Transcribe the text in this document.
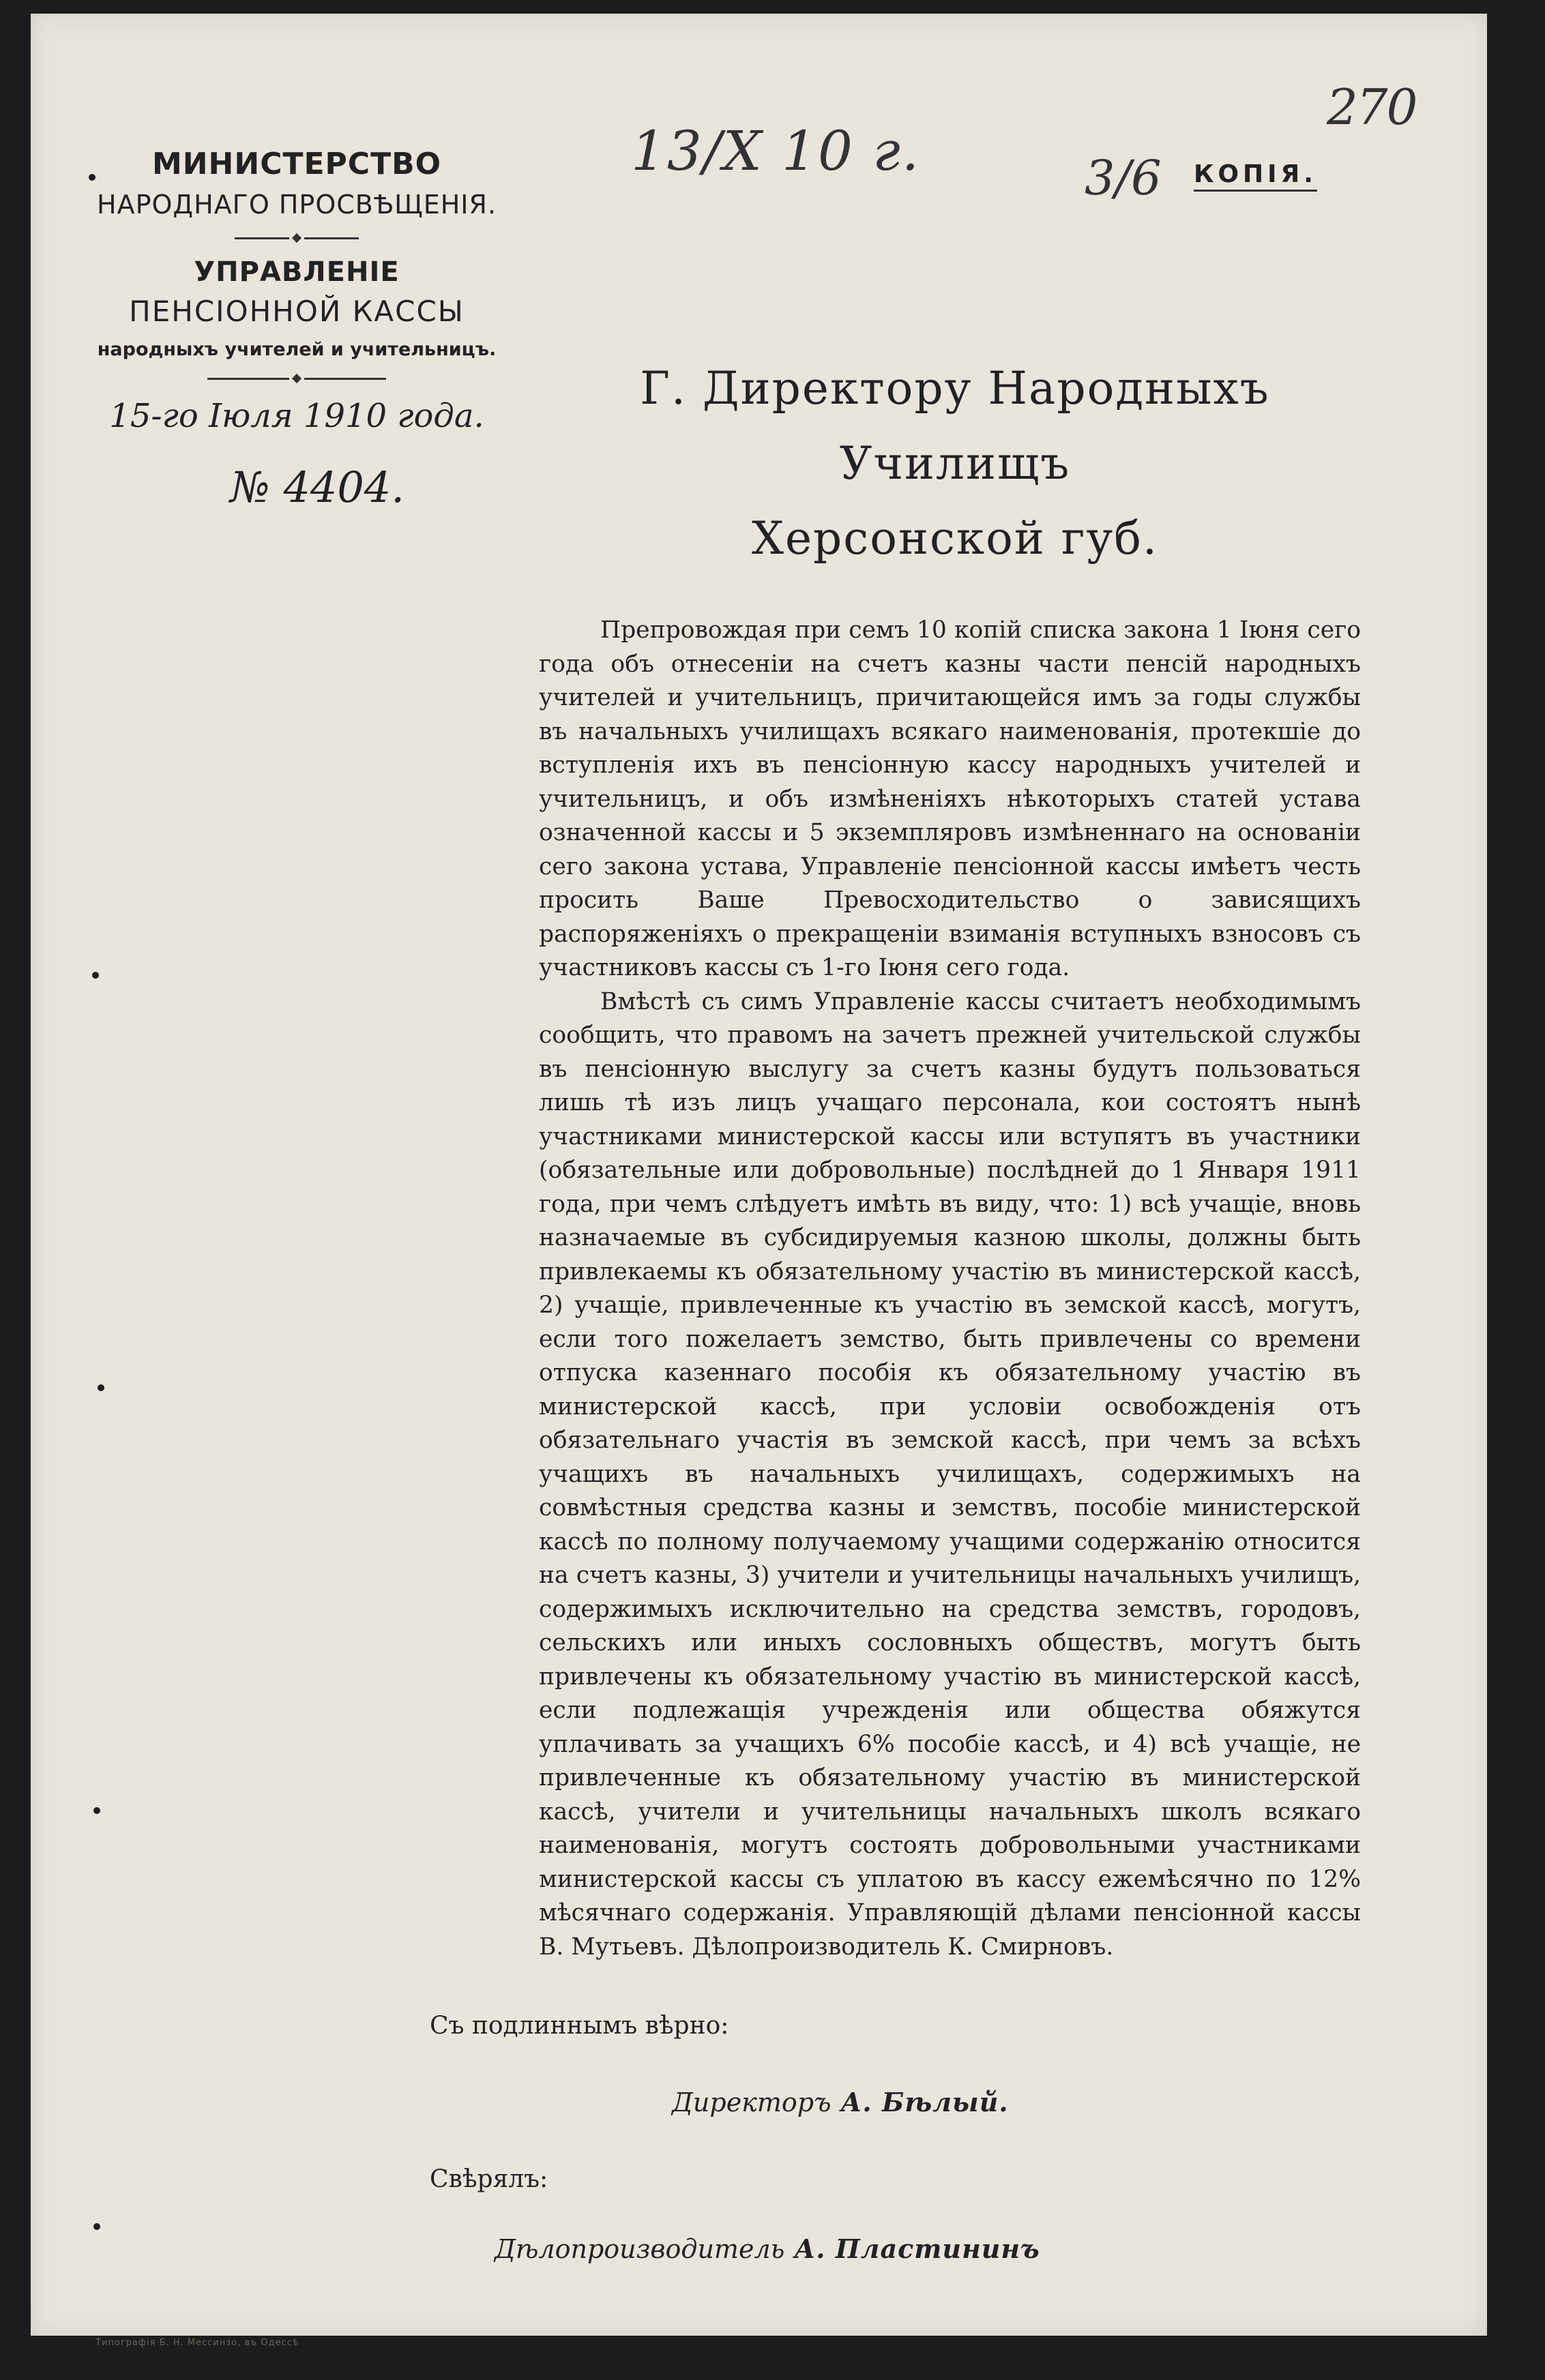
270
13/X 10 г.	3/6 КОПІЯ.
МИНИСТЕРСТВО
НАРОДНАГО ПРОСВѢЩЕНІЯ.
УПРАВЛЕНІЕ
ПЕНСІОННОЙ КАССЫ
народныхъ учителей и учительницъ.
15-го Іюля 1910 года.
№ 4404.
Г. Директору Народныхъ Училищъ
Херсонской губ.

Препровождая при семъ 10 копій списка закона 1 Іюня сего года объ отнесеніи на счетъ казны части пенсій народныхъ учителей и учительницъ, причитающейся имъ за годы службы въ начальныхъ училищахъ всякаго наименованія, протекшіе до вступленія ихъ въ пенсіонную кассу народныхъ учителей и учительницъ, и объ измѣненіяхъ нѣкоторыхъ статей устава означенной кассы и 5 экземпляровъ измѣненнаго на основаніи сего закона устава, Управленіе пенсіонной кассы имѣетъ честь просить Ваше Превосходительство о зависящихъ распоряженіяхъ о прекращеніи взиманія вступныхъ взносовъ съ участниковъ кассы съ 1-го Іюня сего года.

Вмѣстѣ съ симъ Управленіе кассы считаетъ необходимымъ сообщить, что правомъ на зачетъ прежней учительской службы въ пенсіонную выслугу за счетъ казны будутъ пользоваться лишь тѣ изъ лицъ учащаго персонала, кои состоятъ нынѣ участниками министерской кассы или вступятъ въ участники (обязательные или добровольные) послѣдней до 1 Января 1911 года, при чемъ слѣдуетъ имѣть въ виду, что: 1) всѣ учащіе, вновь назначаемые въ субсидируемыя казною школы, должны быть привлекаемы къ обязательному участію въ министерской кассѣ, 2) учащіе, привлеченные къ участію въ земской кассѣ, могутъ, если того пожелаетъ земство, быть привлечены со времени отпуска казеннаго пособія къ обязательному участію въ министерской кассѣ, при условіи освобожденія отъ обязательнаго участія въ земской кассѣ, при чемъ за всѣхъ учащихъ въ начальныхъ училищахъ, содержимыхъ на совмѣстныя средства казны и земствъ, пособіе министерской кассѣ по полному получаемому учащими содержанію относится на счетъ казны, 3) учители и учительницы начальныхъ училищъ, содержимыхъ исключительно на средства земствъ, городовъ, сельскихъ или иныхъ сословныхъ обществъ, могутъ быть привлечены къ обязательному участію въ министерской кассѣ, если подлежащія учрежденія или общества обяжутся уплачивать за учащихъ 6% пособіе кассѣ, и 4) всѣ учащіе, не привлеченные къ обязательному участію въ министерской кассѣ, учители и учительницы начальныхъ школъ всякаго наименованія, могутъ состоять добровольными участниками министерской кассы съ уплатою въ кассу ежемѣсячно по 12% мѣсячнаго содержанія. Управляющій дѣлами пенсіонной кассы В. Мутьевъ. Дѣлопроизводитель К. Смирновъ.

Съ подлиннымъ вѣрно:
Директоръ А. Бѣлый.
Свѣрялъ:
Дѣлопроизводитель А. Пластининъ
Типографія Б. Н. Мессинзо, въ Одессѣ
